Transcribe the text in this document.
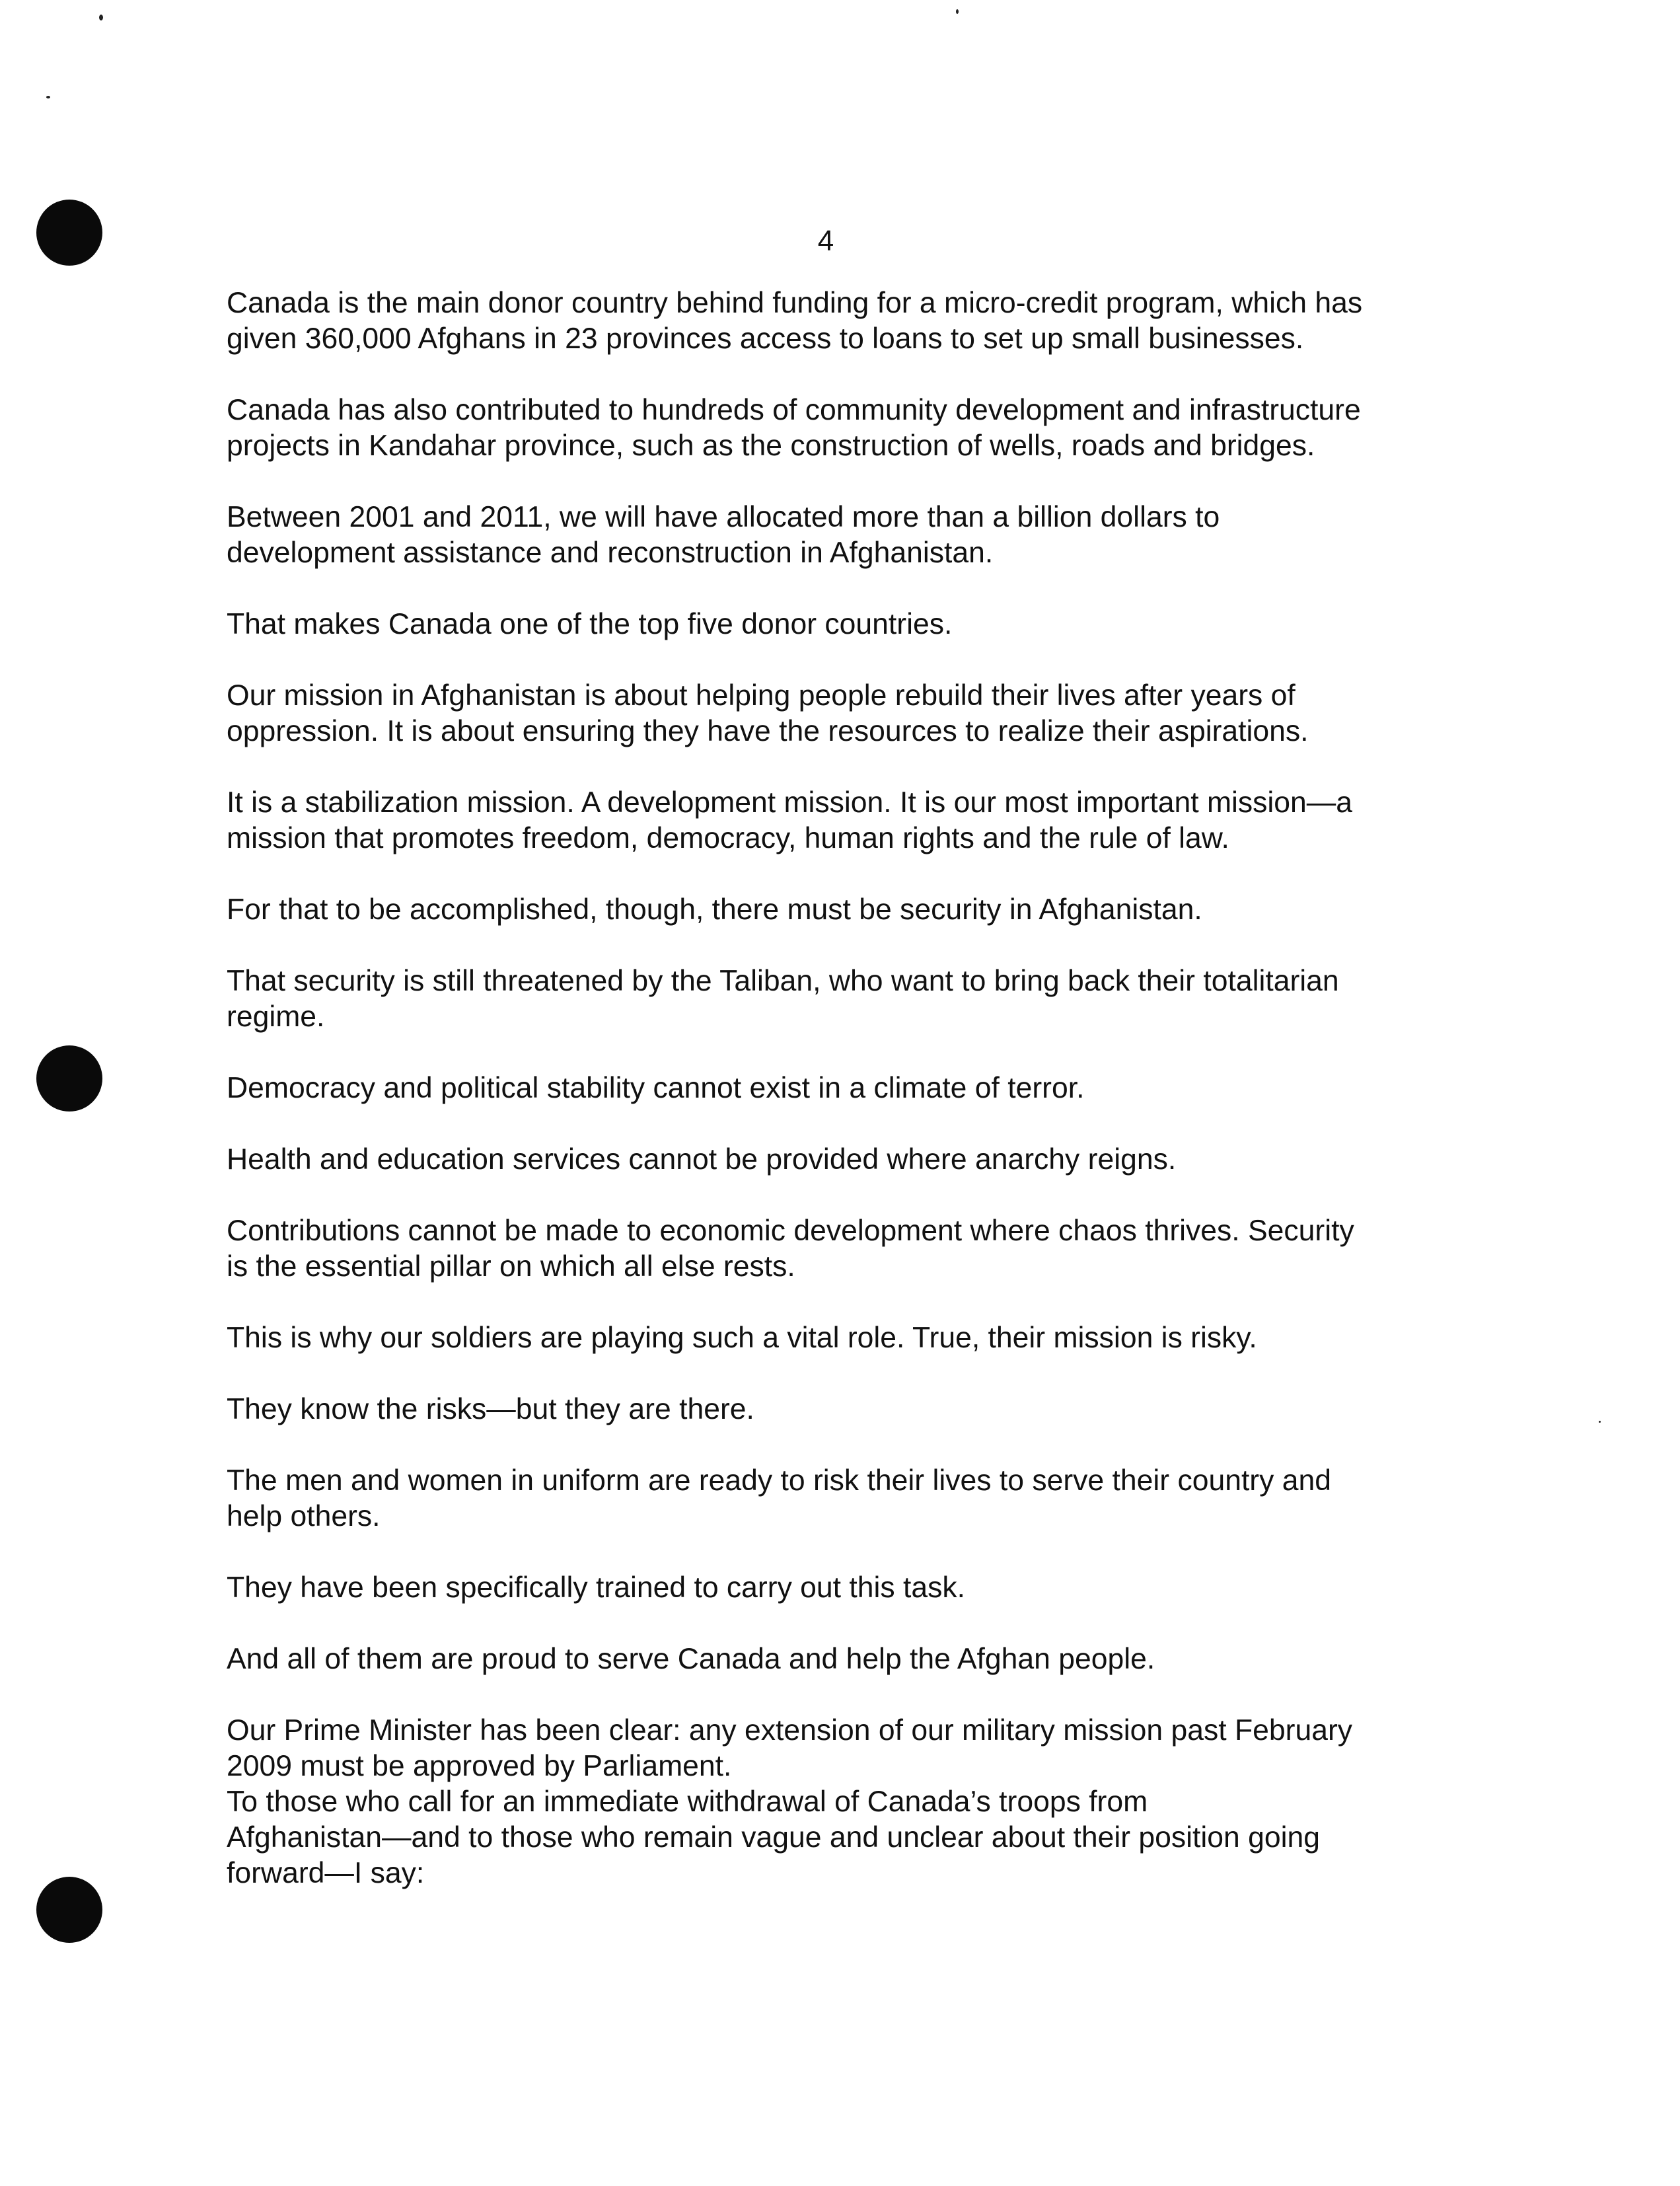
4

Canada is the main donor country behind funding for a micro-credit program, which has
given 360,000 Afghans in 23 provinces access to loans to set up small businesses.

Canada has also contributed to hundreds of community development and infrastructure
projects in Kandahar province, such as the construction of wells, roads and bridges.

Between 2001 and 2011, we will have allocated more than a billion dollars to
development assistance and reconstruction in Afghanistan.

That makes Canada one of the top five donor countries.

Our mission in Afghanistan is about helping people rebuild their lives after years of
oppression. It is about ensuring they have the resources to realize their aspirations.

It is a stabilization mission. A development mission. It is our most important mission—a
mission that promotes freedom, democracy, human rights and the rule of law.

For that to be accomplished, though, there must be security in Afghanistan.

That security is still threatened by the Taliban, who want to bring back their totalitarian
regime.

Democracy and political stability cannot exist in a climate of terror.

Health and education services cannot be provided where anarchy reigns.

Contributions cannot be made to economic development where chaos thrives. Security
is the essential pillar on which all else rests.

This is why our soldiers are playing such a vital role. True, their mission is risky.

They know the risks—but they are there.

The men and women in uniform are ready to risk their lives to serve their country and
help others.

They have been specifically trained to carry out this task.

And all of them are proud to serve Canada and help the Afghan people.

Our Prime Minister has been clear: any extension of our military mission past February
2009 must be approved by Parliament.

To those who call for an immediate withdrawal of Canada’s troops from
Afghanistan—and to those who remain vague and unclear about their position going
forward—I say:
